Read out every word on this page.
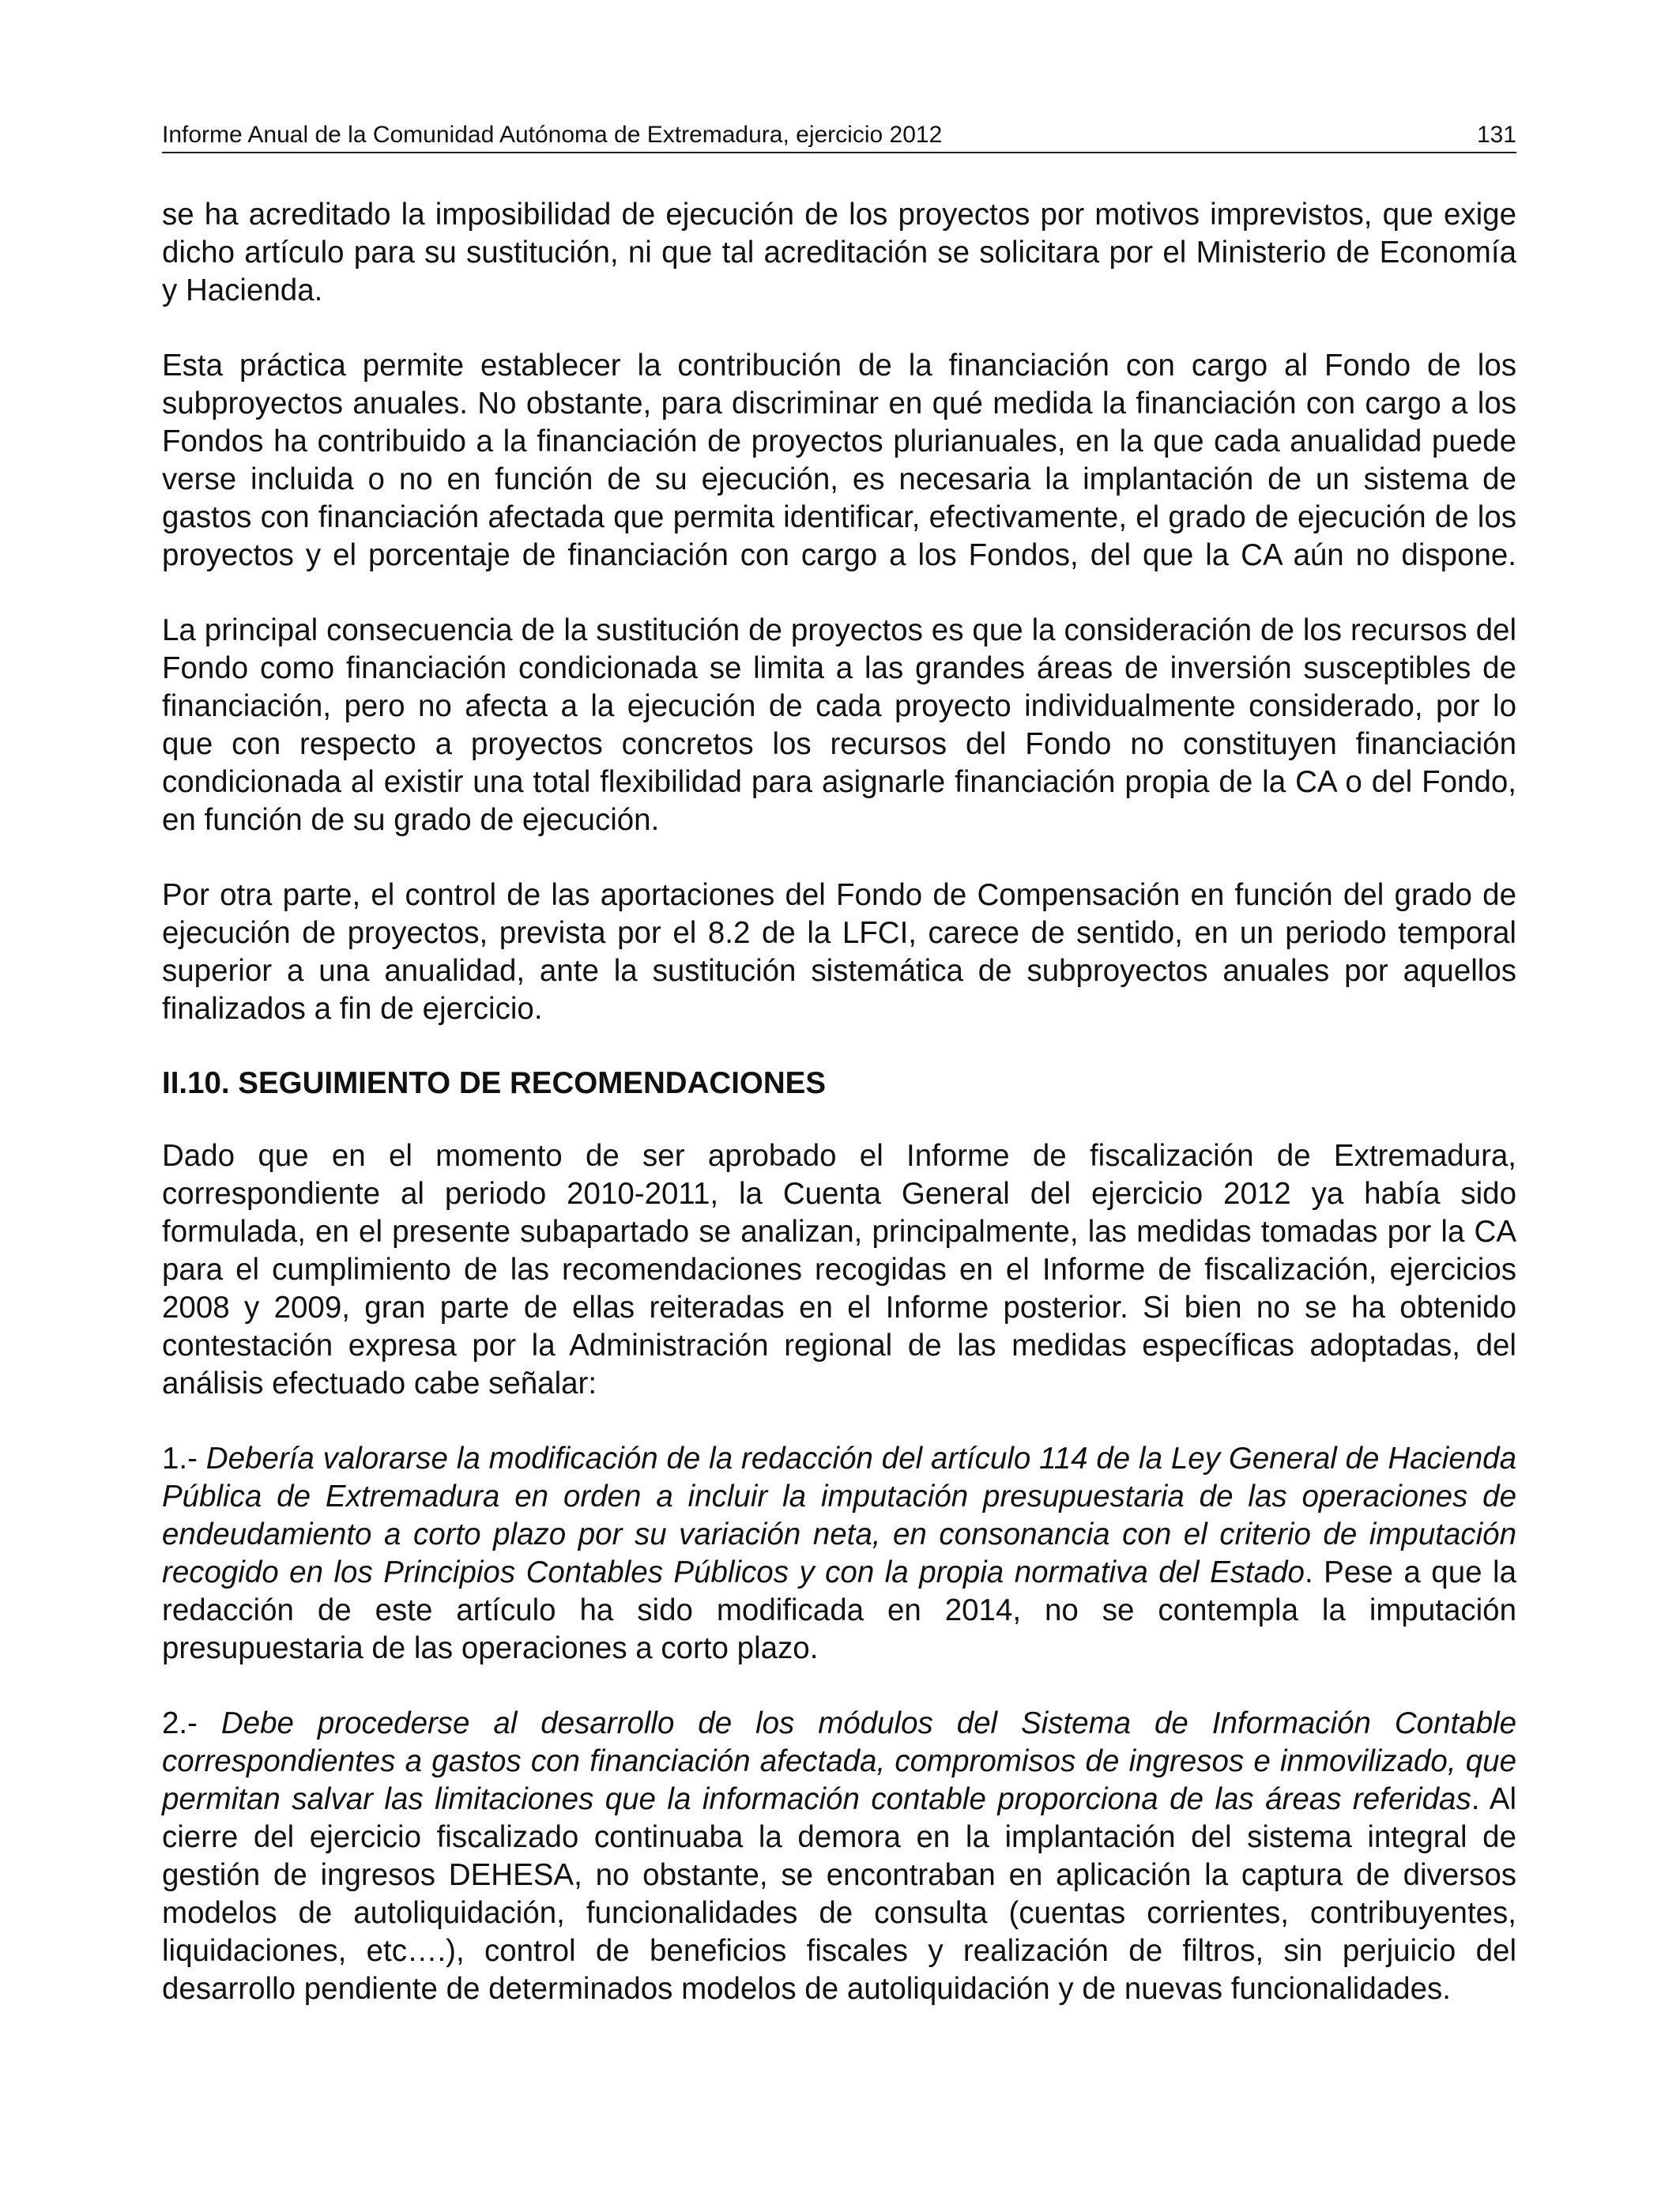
Informe Anual de la Comunidad Autónoma de Extremadura, ejercicio 2012	131

se ha acreditado la imposibilidad de ejecución de los proyectos por motivos imprevistos, que exige dicho artículo para su sustitución, ni que tal acreditación se solicitara por el Ministerio de Economía y Hacienda.

Esta práctica permite establecer la contribución de la financiación con cargo al Fondo de los subproyectos anuales. No obstante, para discriminar en qué medida la financiación con cargo a los Fondos ha contribuido a la financiación de proyectos plurianuales, en la que cada anualidad puede verse incluida o no en función de su ejecución, es necesaria la implantación de un sistema de gastos con financiación afectada que permita identificar, efectivamente, el grado de ejecución de los proyectos y el porcentaje de financiación con cargo a los Fondos, del que la CA aún no dispone.

La principal consecuencia de la sustitución de proyectos es que la consideración de los recursos del Fondo como financiación condicionada se limita a las grandes áreas de inversión susceptibles de financiación, pero no afecta a la ejecución de cada proyecto individualmente considerado, por lo que con respecto a proyectos concretos los recursos del Fondo no constituyen financiación condicionada al existir una total flexibilidad para asignarle financiación propia de la CA o del Fondo, en función de su grado de ejecución.

Por otra parte, el control de las aportaciones del Fondo de Compensación en función del grado de ejecución de proyectos, prevista por el 8.2 de la LFCI, carece de sentido, en un periodo temporal superior a una anualidad, ante la sustitución sistemática de subproyectos anuales por aquellos finalizados a fin de ejercicio.

II.10. SEGUIMIENTO DE RECOMENDACIONES

Dado que en el momento de ser aprobado el Informe de fiscalización de Extremadura, correspondiente al periodo 2010-2011, la Cuenta General del ejercicio 2012 ya había sido formulada, en el presente subapartado se analizan, principalmente, las medidas tomadas por la CA para el cumplimiento de las recomendaciones recogidas en el Informe de fiscalización, ejercicios 2008 y 2009, gran parte de ellas reiteradas en el Informe posterior. Si bien no se ha obtenido contestación expresa por la Administración regional de las medidas específicas adoptadas, del análisis efectuado cabe señalar:

1.- Debería valorarse la modificación de la redacción del artículo 114 de la Ley General de Hacienda Pública de Extremadura en orden a incluir la imputación presupuestaria de las operaciones de endeudamiento a corto plazo por su variación neta, en consonancia con el criterio de imputación recogido en los Principios Contables Públicos y con la propia normativa del Estado. Pese a que la redacción de este artículo ha sido modificada en 2014, no se contempla la imputación presupuestaria de las operaciones a corto plazo.

2.- Debe procederse al desarrollo de los módulos del Sistema de Información Contable correspondientes a gastos con financiación afectada, compromisos de ingresos e inmovilizado, que permitan salvar las limitaciones que la información contable proporciona de las áreas referidas. Al cierre del ejercicio fiscalizado continuaba la demora en la implantación del sistema integral de gestión de ingresos DEHESA, no obstante, se encontraban en aplicación la captura de diversos modelos de autoliquidación, funcionalidades de consulta (cuentas corrientes, contribuyentes, liquidaciones, etc….), control de beneficios fiscales y realización de filtros, sin perjuicio del desarrollo pendiente de determinados modelos de autoliquidación y de nuevas funcionalidades.
